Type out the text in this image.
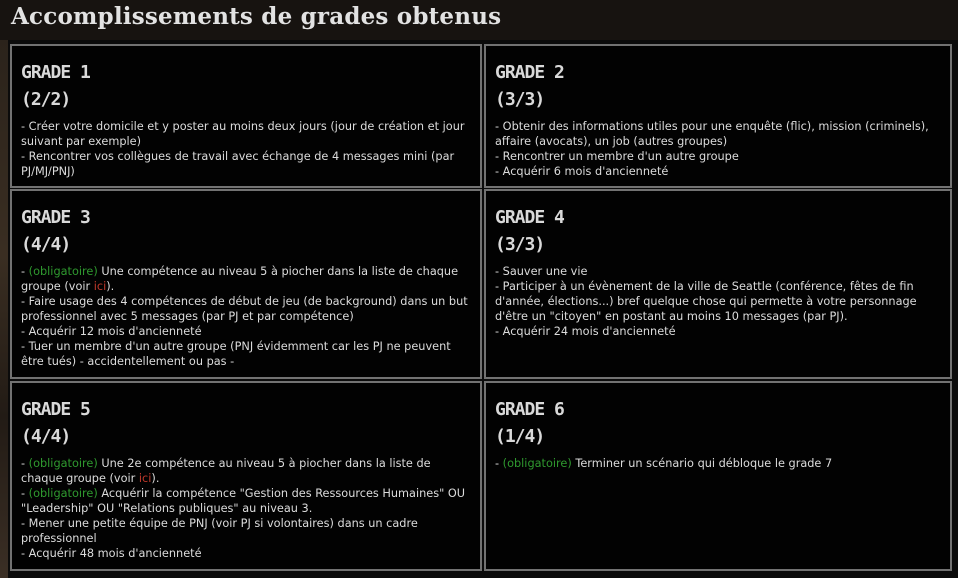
Accomplissements de grades obtenus
GRADE 1
(2/2)
- Créer votre domicile et y poster au moins deux jours (jour de création et jour suivant par exemple)
- Rencontrer vos collègues de travail avec échange de 4 messages mini (par PJ/MJ/PNJ)
GRADE 2
(3/3)
- Obtenir des informations utiles pour une enquête (flic), mission (criminels), affaire (avocats), un job (autres groupes)
- Rencontrer un membre d'un autre groupe
- Acquérir 6 mois d'ancienneté
GRADE 3
(4/4)
- (obligatoire) Une compétence au niveau 5 à piocher dans la liste de chaque groupe (voir ici).
- Faire usage des 4 compétences de début de jeu (de background) dans un but professionnel avec 5 messages (par PJ et par compétence)
- Acquérir 12 mois d'ancienneté
- Tuer un membre d'un autre groupe (PNJ évidemment car les PJ ne peuvent être tués) - accidentellement ou pas -
GRADE 4
(3/3)
- Sauver une vie
- Participer à un évènement de la ville de Seattle (conférence, fêtes de fin d'année, élections...) bref quelque chose qui permette à votre personnage d'être un "citoyen" en postant au moins 10 messages (par PJ).
- Acquérir 24 mois d'ancienneté
GRADE 5
(4/4)
- (obligatoire) Une 2e compétence au niveau 5 à piocher dans la liste de chaque groupe (voir ici).
- (obligatoire) Acquérir la compétence "Gestion des Ressources Humaines" OU "Leadership" OU "Relations publiques" au niveau 3.
- Mener une petite équipe de PNJ (voir PJ si volontaires) dans un cadre professionnel
- Acquérir 48 mois d'ancienneté
GRADE 6
(1/4)
- (obligatoire) Terminer un scénario qui débloque le grade 7
